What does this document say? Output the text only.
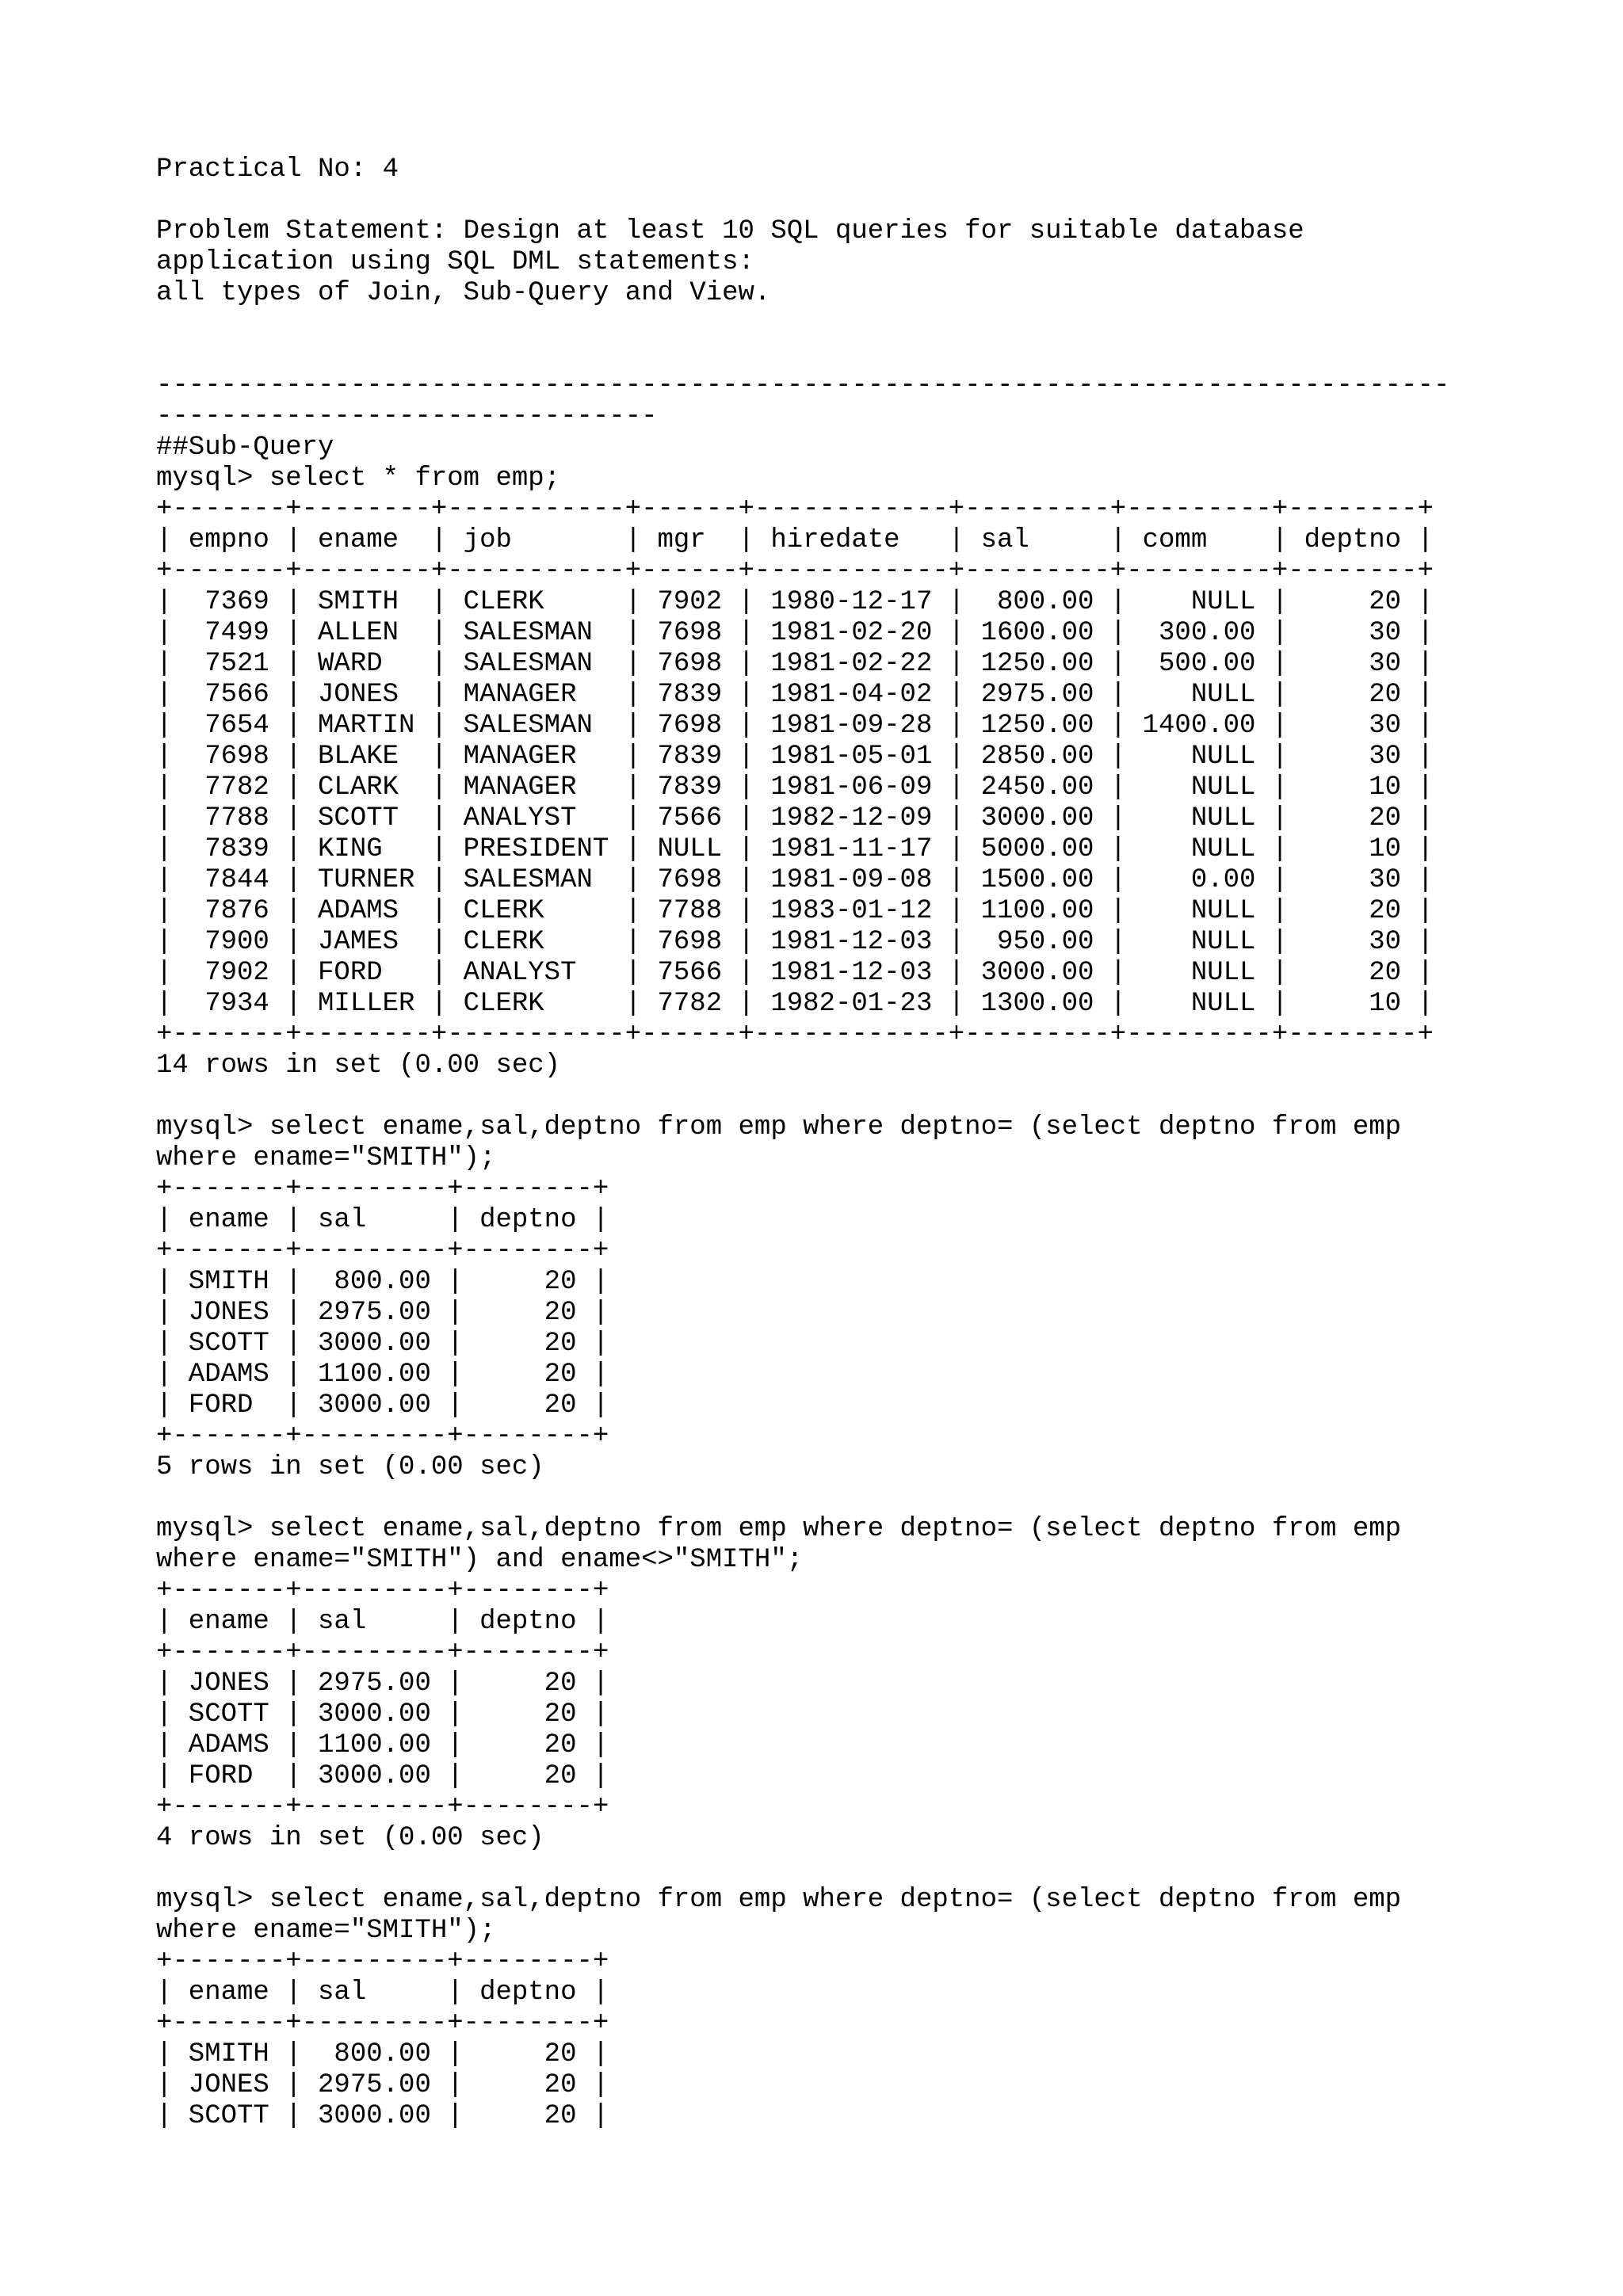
Practical No: 4
Problem Statement: Design at least 10 SQL queries for suitable database
application using SQL DML statements:
all types of Join, Sub-Query and View.
--------------------------------------------------------------------------------
-------------------------------
##Sub-Query
mysql> select * from emp;
+-------+--------+-----------+------+------------+---------+---------+--------+
| empno | ename  | job       | mgr  | hiredate   | sal     | comm    | deptno |
+-------+--------+-----------+------+------------+---------+---------+--------+
|  7369 | SMITH  | CLERK     | 7902 | 1980-12-17 |  800.00 |    NULL |     20 |
|  7499 | ALLEN  | SALESMAN  | 7698 | 1981-02-20 | 1600.00 |  300.00 |     30 |
|  7521 | WARD   | SALESMAN  | 7698 | 1981-02-22 | 1250.00 |  500.00 |     30 |
|  7566 | JONES  | MANAGER   | 7839 | 1981-04-02 | 2975.00 |    NULL |     20 |
|  7654 | MARTIN | SALESMAN  | 7698 | 1981-09-28 | 1250.00 | 1400.00 |     30 |
|  7698 | BLAKE  | MANAGER   | 7839 | 1981-05-01 | 2850.00 |    NULL |     30 |
|  7782 | CLARK  | MANAGER   | 7839 | 1981-06-09 | 2450.00 |    NULL |     10 |
|  7788 | SCOTT  | ANALYST   | 7566 | 1982-12-09 | 3000.00 |    NULL |     20 |
|  7839 | KING   | PRESIDENT | NULL | 1981-11-17 | 5000.00 |    NULL |     10 |
|  7844 | TURNER | SALESMAN  | 7698 | 1981-09-08 | 1500.00 |    0.00 |     30 |
|  7876 | ADAMS  | CLERK     | 7788 | 1983-01-12 | 1100.00 |    NULL |     20 |
|  7900 | JAMES  | CLERK     | 7698 | 1981-12-03 |  950.00 |    NULL |     30 |
|  7902 | FORD   | ANALYST   | 7566 | 1981-12-03 | 3000.00 |    NULL |     20 |
|  7934 | MILLER | CLERK     | 7782 | 1982-01-23 | 1300.00 |    NULL |     10 |
+-------+--------+-----------+------+------------+---------+---------+--------+
14 rows in set (0.00 sec)
mysql> select ename,sal,deptno from emp where deptno= (select deptno from emp
where ename="SMITH");
+-------+---------+--------+
| ename | sal     | deptno |
+-------+---------+--------+
| SMITH |  800.00 |     20 |
| JONES | 2975.00 |     20 |
| SCOTT | 3000.00 |     20 |
| ADAMS | 1100.00 |     20 |
| FORD  | 3000.00 |     20 |
+-------+---------+--------+
5 rows in set (0.00 sec)
mysql> select ename,sal,deptno from emp where deptno= (select deptno from emp
where ename="SMITH") and ename<>"SMITH";
+-------+---------+--------+
| ename | sal     | deptno |
+-------+---------+--------+
| JONES | 2975.00 |     20 |
| SCOTT | 3000.00 |     20 |
| ADAMS | 1100.00 |     20 |
| FORD  | 3000.00 |     20 |
+-------+---------+--------+
4 rows in set (0.00 sec)
mysql> select ename,sal,deptno from emp where deptno= (select deptno from emp
where ename="SMITH");
+-------+---------+--------+
| ename | sal     | deptno |
+-------+---------+--------+
| SMITH |  800.00 |     20 |
| JONES | 2975.00 |     20 |
| SCOTT | 3000.00 |     20 |
